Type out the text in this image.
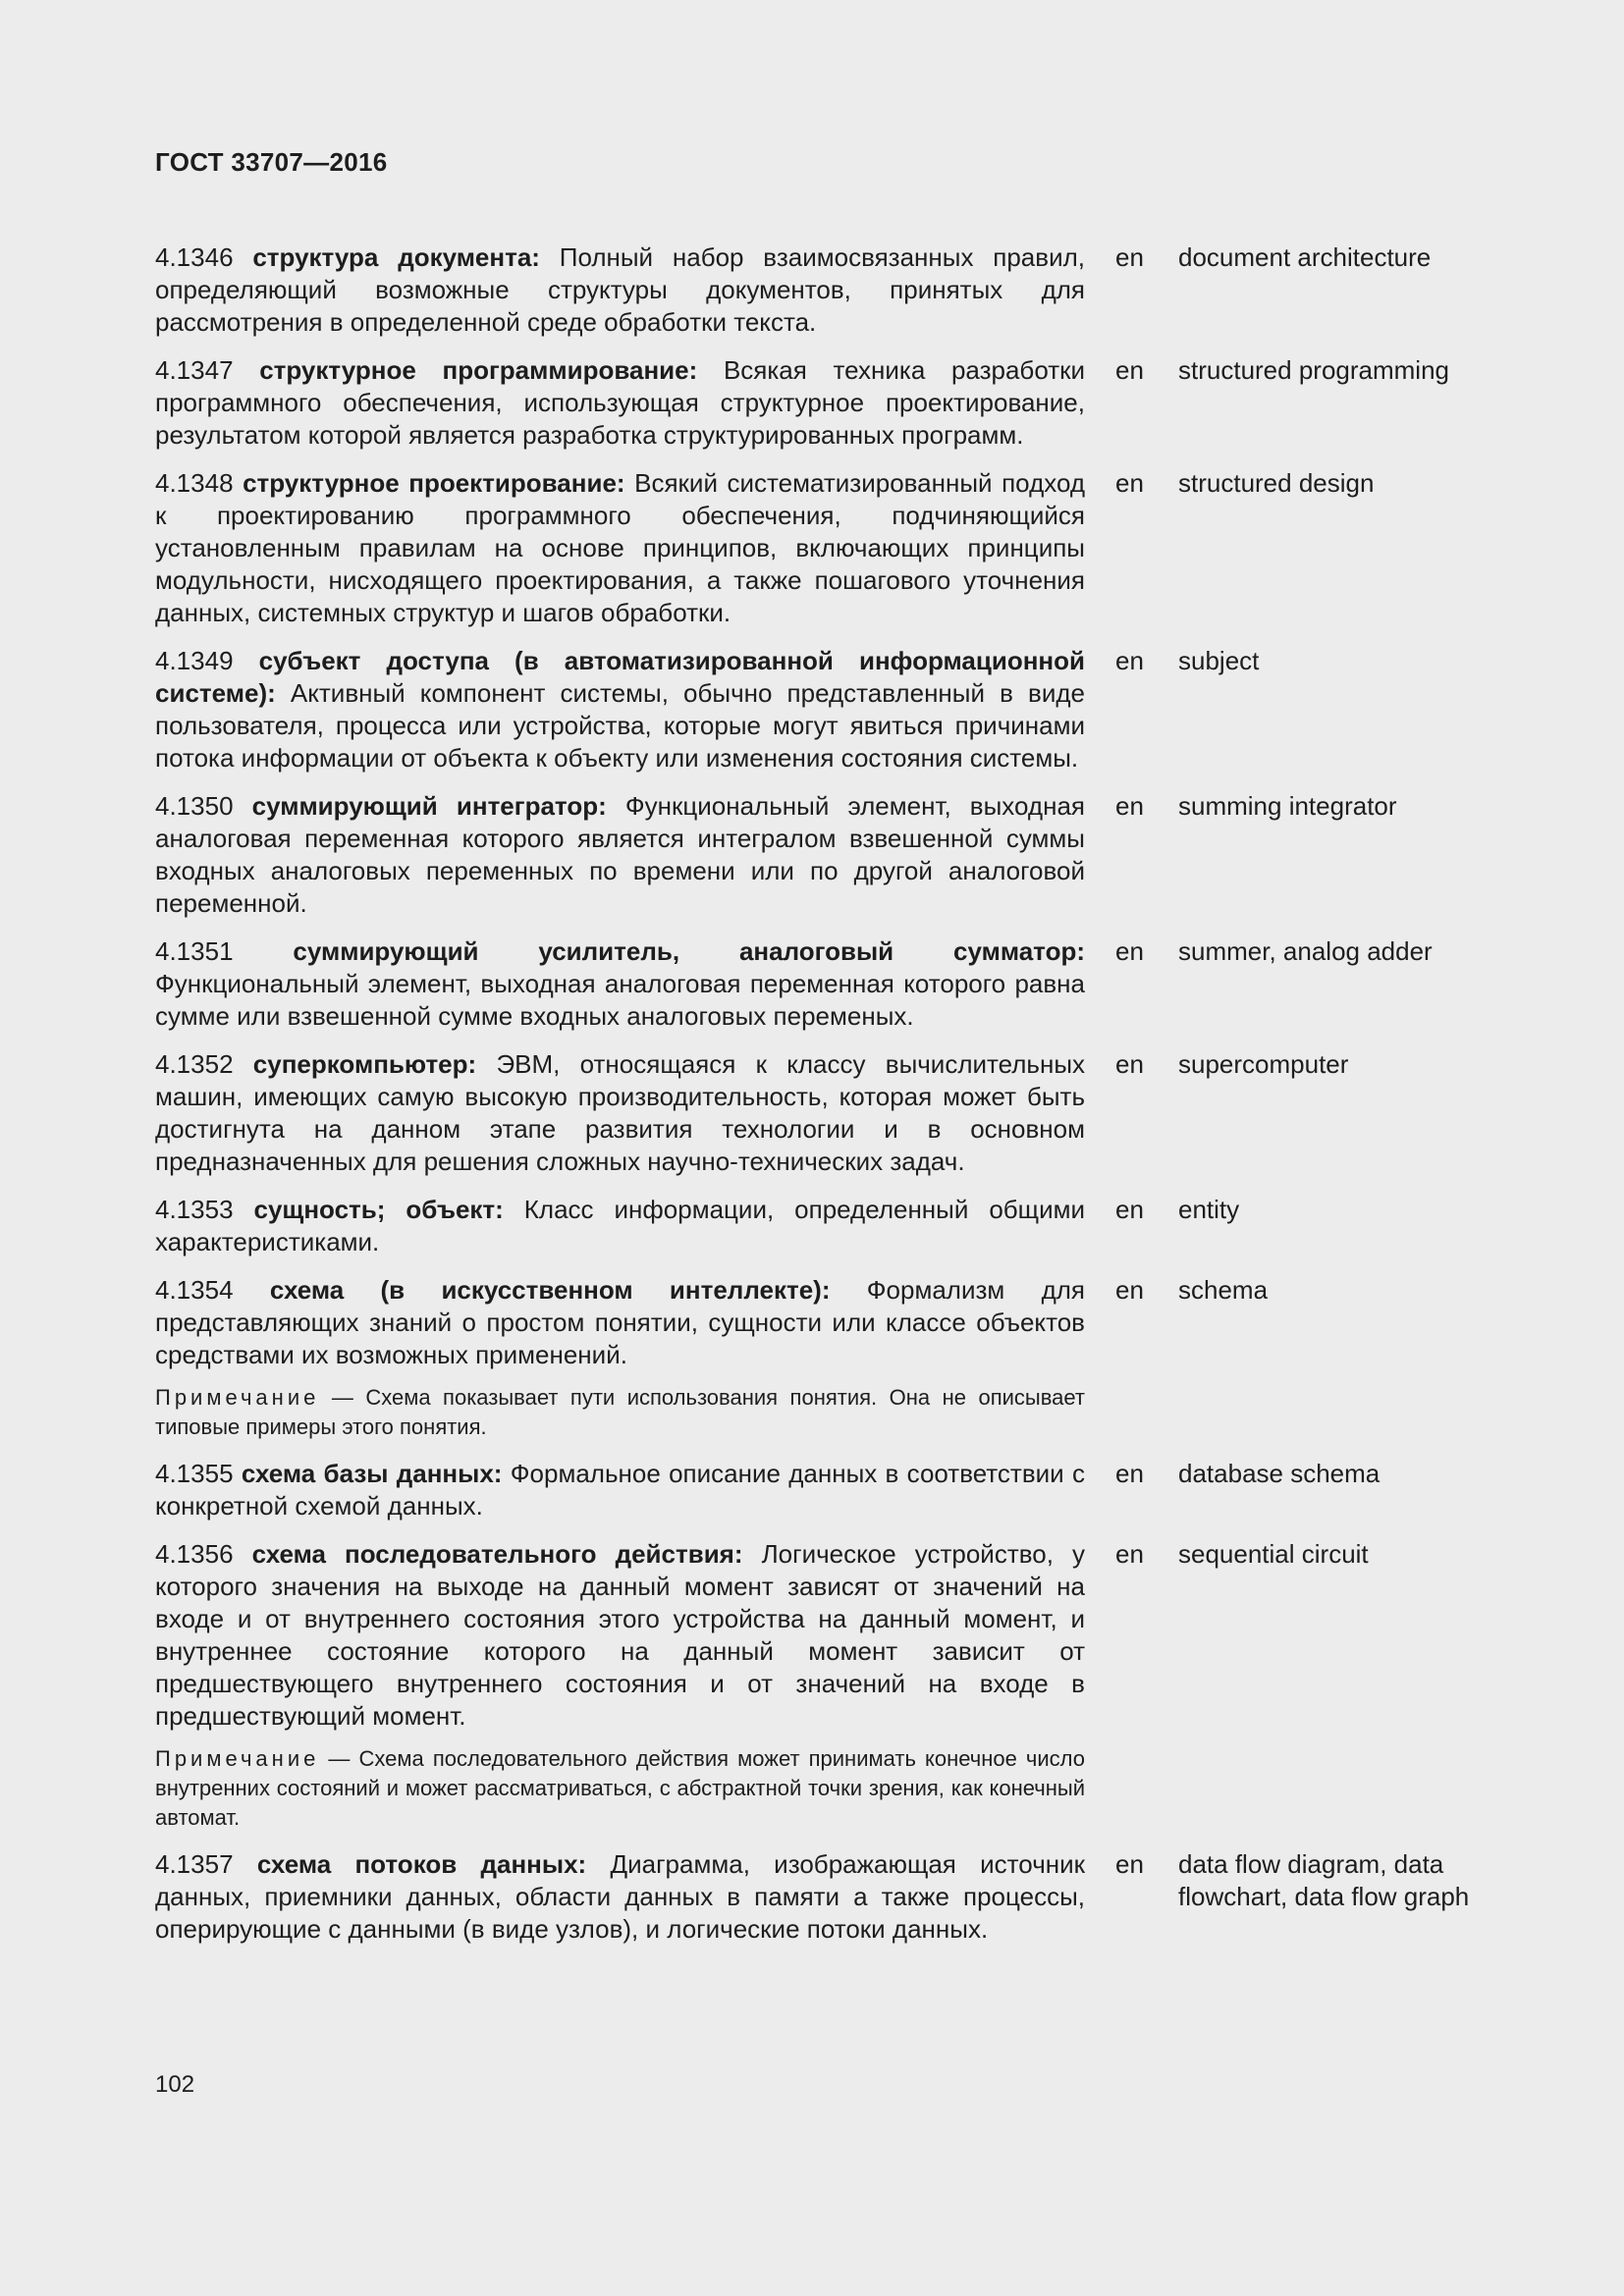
ГОСТ 33707—2016
4.1346 структура документа: Полный набор взаимосвязанных правил, определяющий возможные структуры документов, принятых для рассмотрения в определенной среде обработки текста.
en document architecture
4.1347 структурное программирование: Всякая техника разработки программного обеспечения, использующая структурное проектирование, результатом которой является разработка структурированных программ.
en structured programming
4.1348 структурное проектирование: Всякий систематизированный подход к проектированию программного обеспечения, подчиняющийся установленным правилам на основе принципов, включающих принципы модульности, нисходящего проектирования, а также пошагового уточнения данных, системных структур и шагов обработки.
en structured design
4.1349 субъект доступа (в автоматизированной информационной системе): Активный компонент системы, обычно представленный в виде пользователя, процесса или устройства, которые могут явиться причинами потока информации от объекта к объекту или изменения состояния системы.
en subject
4.1350 суммирующий интегратор: Функциональный элемент, выходная аналоговая переменная которого является интегралом взвешенной суммы входных аналоговых переменных по времени или по другой аналоговой переменной.
en summing integrator
4.1351 суммирующий усилитель, аналоговый сумматор: Функциональный элемент, выходная аналоговая переменная которого равна сумме или взвешенной сумме входных аналоговых переменых.
en summer, analog adder
4.1352 суперкомпьютер: ЭВМ, относящаяся к классу вычислительных машин, имеющих самую высокую производительность, которая может быть достигнута на данном этапе развития технологии и в основном предназначенных для решения сложных научно-технических задач.
en supercomputer
4.1353 сущность; объект: Класс информации, определенный общими характеристиками.
en entity
4.1354 схема (в искусственном интеллекте): Формализм для представляющих знаний о простом понятии, сущности или классе объектов средствами их возможных применений.
Примечание — Схема показывает пути использования понятия. Она не описывает типовые примеры этого понятия.
en schema
4.1355 схема базы данных: Формальное описание данных в соответствии с конкретной схемой данных.
en database schema
4.1356 схема последовательного действия: Логическое устройство, у которого значения на выходе на данный момент зависят от значений на входе и от внутреннего состояния этого устройства на данный момент, и внутреннее состояние которого на данный момент зависит от предшествующего внутреннего состояния и от значений на входе в предшествующий момент.
Примечание — Схема последовательного действия может принимать конечное число внутренних состояний и может рассматриваться, с абстрактной точки зрения, как конечный автомат.
en sequential circuit
4.1357 схема потоков данных: Диаграмма, изображающая источник данных, приемники данных, области данных в памяти а также процессы, оперирующие с данными (в виде узлов), и логические потоки данных.
en data flow diagram, data flowchart, data flow graph
102
